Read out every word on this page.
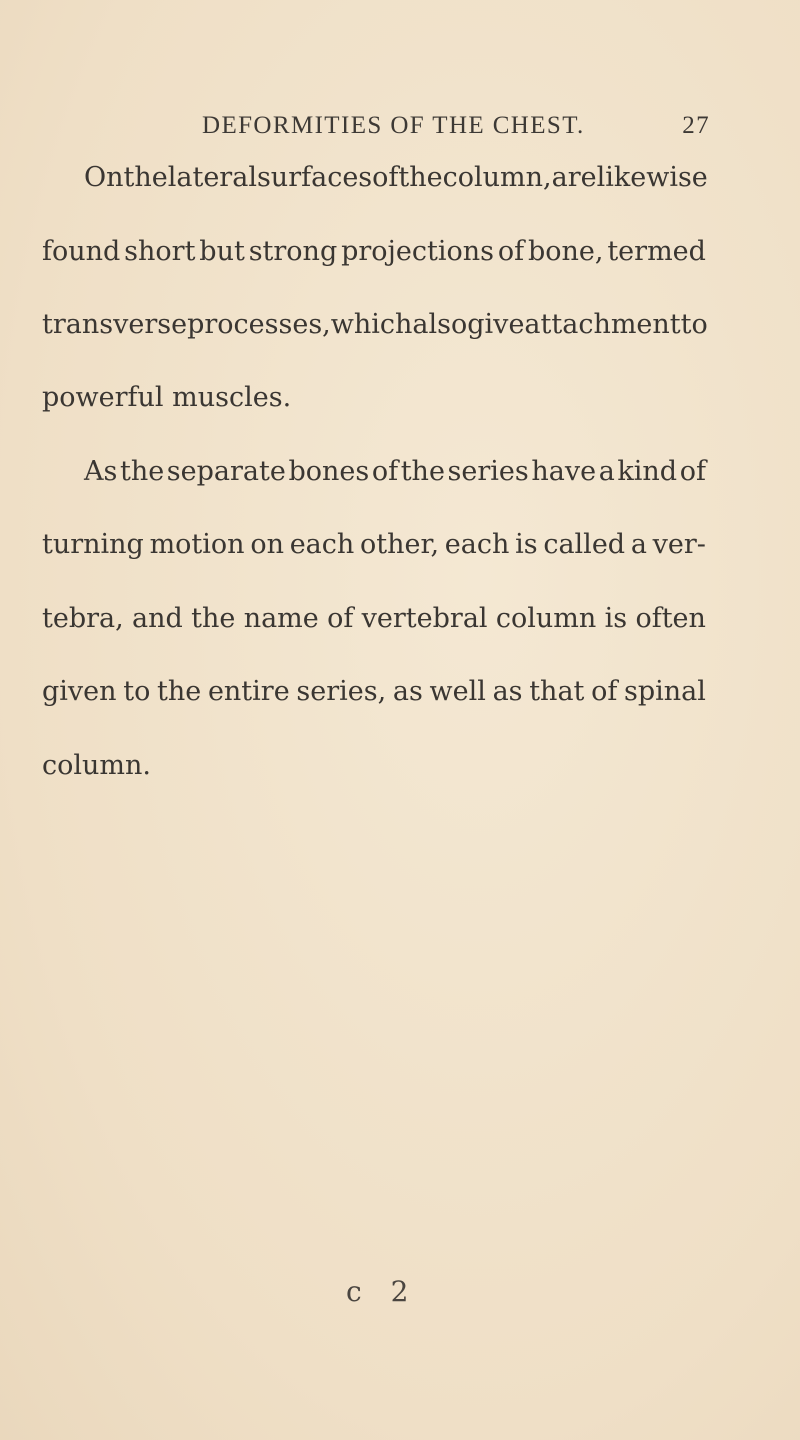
DEFORMITIES OF THE CHEST.	27
On the lateral surfaces of the column, are likewise
found short but strong projections of bone, termed
transverse processes, which also give attachment to
powerful muscles.
As the separate bones of the series have a kind of
turning motion on each other, each is called a ver-
tebra, and the name of vertebral column is often
given to the entire series, as well as that of spinal
column.
c 2
